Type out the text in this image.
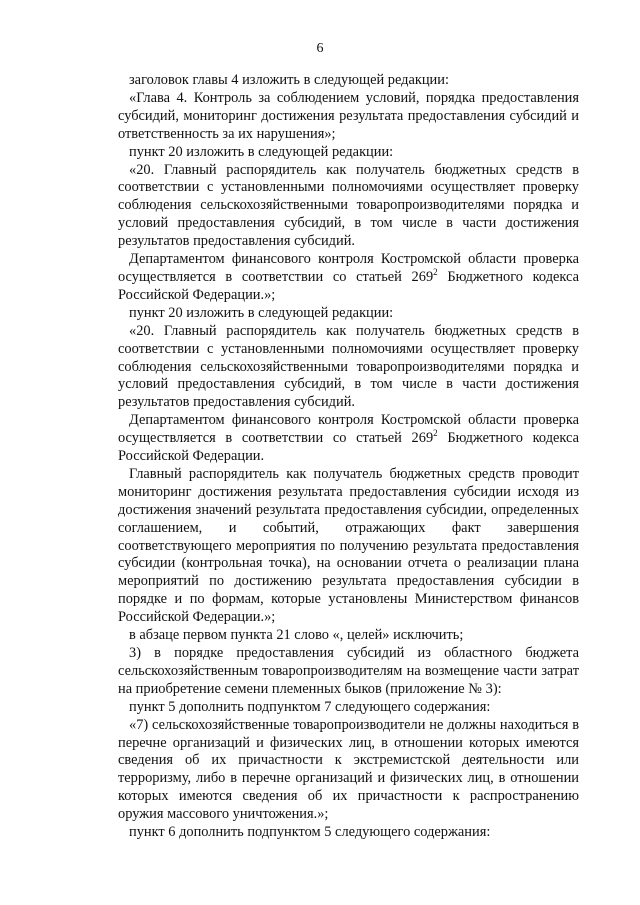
6

заголовок главы 4 изложить в следующей редакции:

«Глава 4. Контроль за соблюдением условий, порядка предоставления субсидий, мониторинг достижения результата предоставления субсидий и ответственность за их нарушения»;

пункт 20 изложить в следующей редакции:

«20. Главный распорядитель как получатель бюджетных средств в соответствии с установленными полномочиями осуществляет проверку соблюдения сельскохозяйственными товаропроизводителями порядка и условий предоставления субсидий, в том числе в части достижения результатов предоставления субсидий.

Департаментом финансового контроля Костромской области проверка осуществляется в соответствии со статьей $269^2$ Бюджетного кодекса Российской Федерации.»;

пункт 20 изложить в следующей редакции:

«20. Главный распорядитель как получатель бюджетных средств в соответствии с установленными полномочиями осуществляет проверку соблюдения сельскохозяйственными товаропроизводителями порядка и условий предоставления субсидий, в том числе в части достижения результатов предоставления субсидий.

Департаментом финансового контроля Костромской области проверка осуществляется в соответствии со статьей $269^2$ Бюджетного кодекса Российской Федерации.

Главный распорядитель как получатель бюджетных средств проводит мониторинг достижения результата предоставления субсидии исходя из достижения значений результата предоставления субсидии, определенных соглашением, и событий, отражающих факт завершения соответствующего мероприятия по получению результата предоставления субсидии (контрольная точка), на основании отчета о реализации плана мероприятий по достижению результата предоставления субсидии в порядке и по формам, которые установлены Министерством финансов Российской Федерации.»;

в абзаце первом пункта 21 слово «, целей» исключить;

3) в порядке предоставления субсидий из областного бюджета сельскохозяйственным товаропроизводителям на возмещение части затрат на приобретение семени племенных быков (приложение № 3):

пункт 5 дополнить подпунктом 7 следующего содержания:

«7) сельскохозяйственные товаропроизводители не должны находиться в перечне организаций и физических лиц, в отношении которых имеются сведения об их причастности к экстремистской деятельности или терроризму, либо в перечне организаций и физических лиц, в отношении которых имеются сведения об их причастности к распространению оружия массового уничтожения.»;

пункт 6 дополнить подпунктом 5 следующего содержания:
